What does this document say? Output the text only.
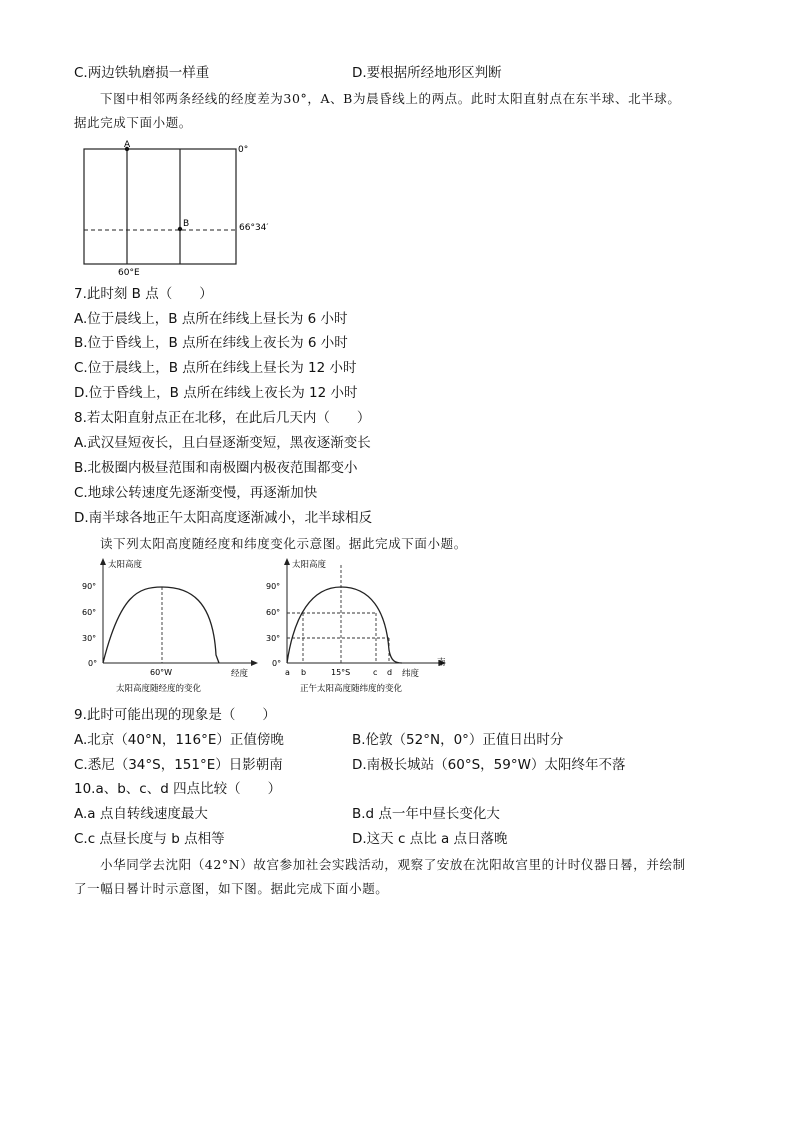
C.两边铁轨磨损一样重	D.要根据所经地形区判断
下图中相邻两条经线的经度差为30°，A、B为晨昏线上的两点。此时太阳直射点在东半球、北半球。
据此完成下面小题。
A
B
0°
66°34′
60°E
7.此时刻 B 点（　　）
A.位于晨线上，B 点所在纬线上昼长为 6 小时
B.位于昏线上，B 点所在纬线上夜长为 6 小时
C.位于晨线上，B 点所在纬线上昼长为 12 小时
D.位于昏线上，B 点所在纬线上夜长为 12 小时
8.若太阳直射点正在北移，在此后几天内（　　）
A.武汉昼短夜长，且白昼逐渐变短，黑夜逐渐变长
B.北极圈内极昼范围和南极圈内极夜范围都变小
C.地球公转速度先逐渐变慢，再逐渐加快
D.南半球各地正午太阳高度逐渐减小，北半球相反
读下列太阳高度随经度和纬度变化示意图。据此完成下面小题。
太阳高度
90°
60°
30°
0°
60°W	经度
太阳高度随经度的变化
太阳高度
90°
60°
30°
0°
a b	15°S	c d 纬度
南
正午太阳高度随纬度的变化
9.此时可能出现的现象是（　　）
A.北京（40°N，116°E）正值傍晚	B.伦敦（52°N，0°）正值日出时分
C.悉尼（34°S，151°E）日影朝南	D.南极长城站（60°S，59°W）太阳终年不落
10.a、b、c、d 四点比较（　　）
A.a 点自转线速度最大	B.d 点一年中昼长变化大
C.c 点昼长度与 b 点相等	D.这天 c 点比 a 点日落晚
小华同学去沈阳（42°N）故宫参加社会实践活动，观察了安放在沈阳故宫里的计时仪器日晷，并绘制
了一幅日晷计时示意图，如下图。据此完成下面小题。
